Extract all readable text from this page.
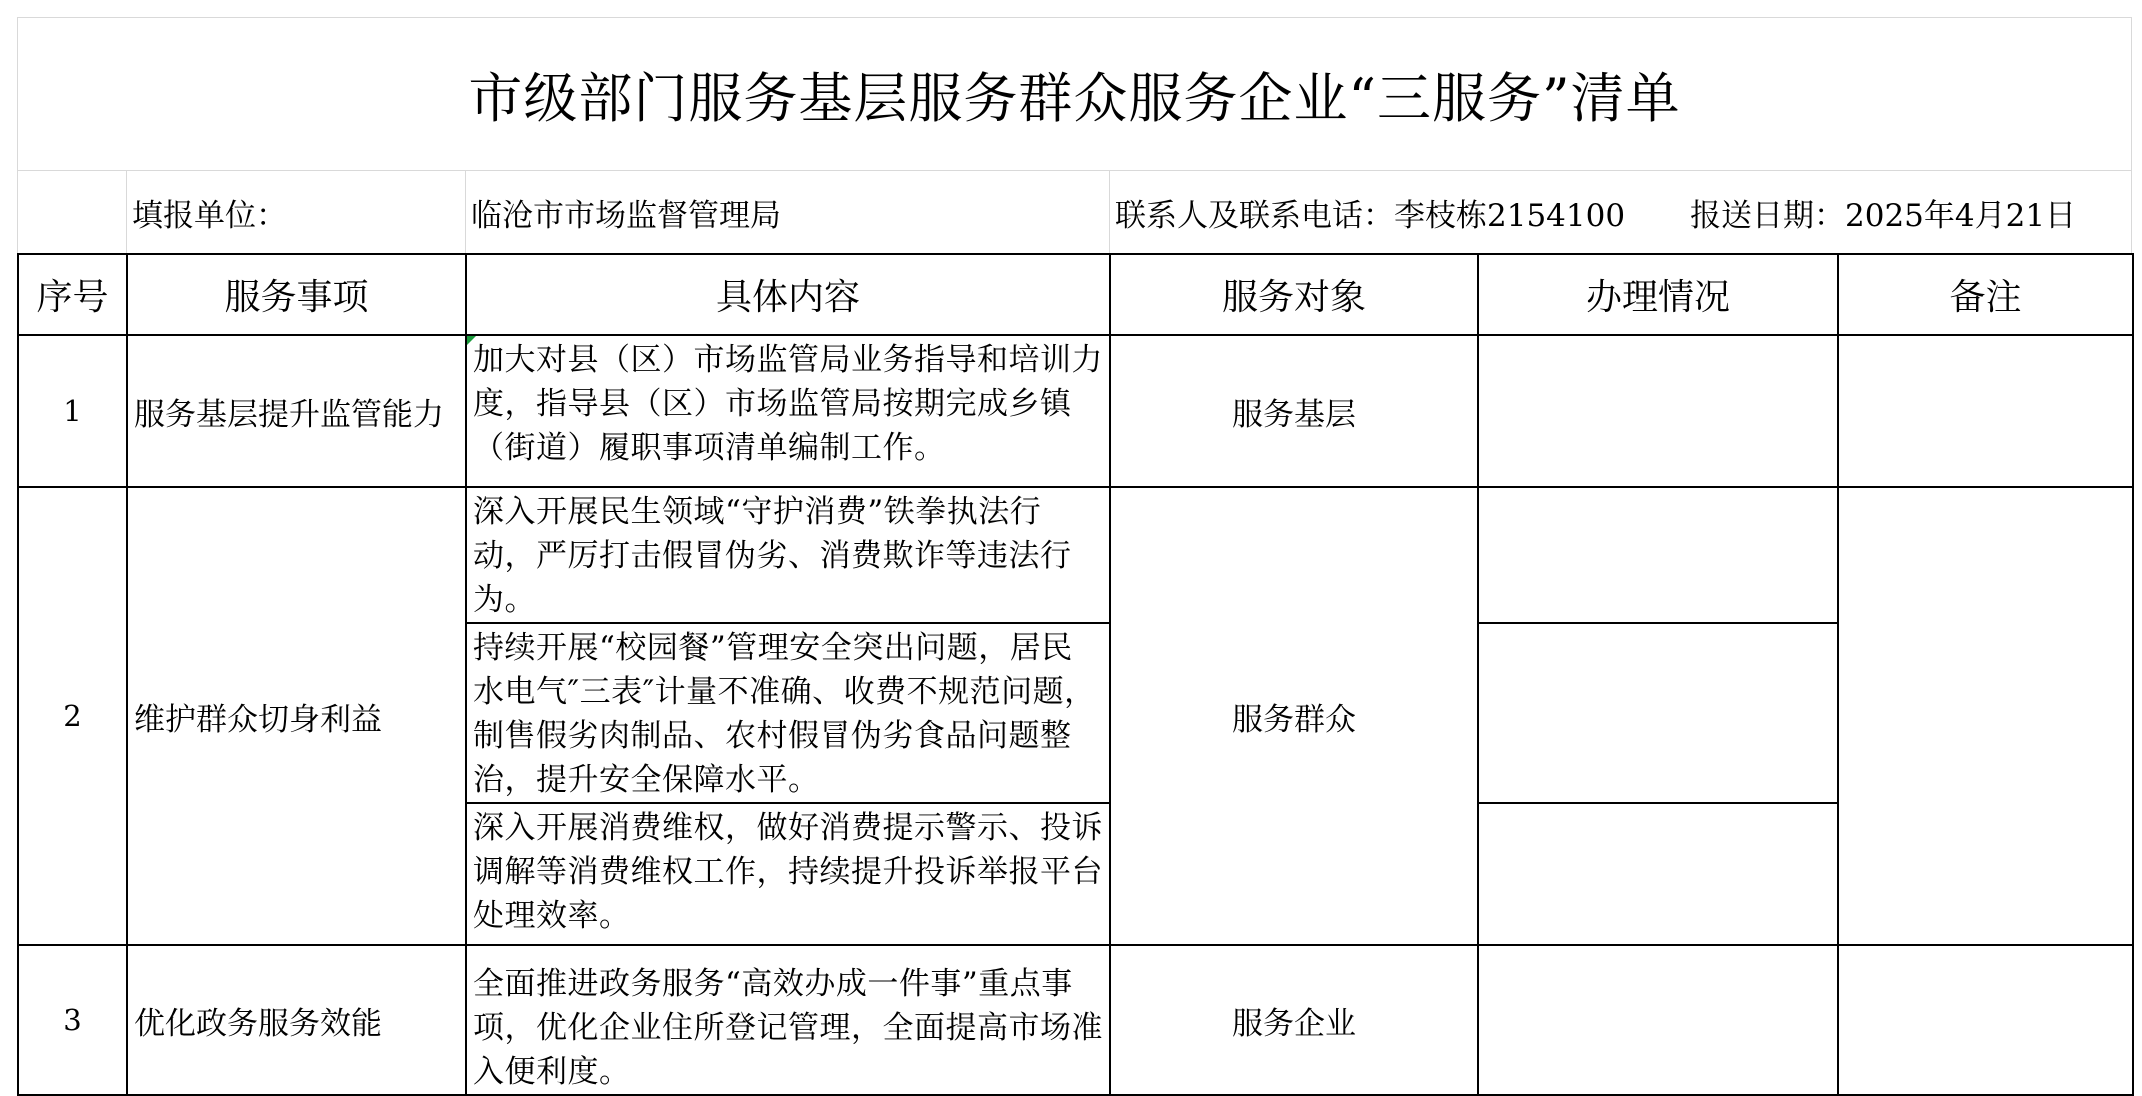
市级部门服务基层服务群众服务企业“三服务”清单
填报单位：	临沧市市场监督管理局	联系人及联系电话：李枝栋2154100 报送日期：2025年4月21日
序号	服务事项	具体内容	服务对象	办理情况	备注
1	服务基层提升监管能力	加大对县（区）市场监管局业务指导和培训力度，指导县（区）市场监管局按期完成乡镇（街道）履职事项清单编制工作。	服务基层		
2	维护群众切身利益	深入开展民生领域“守护消费”铁拳执法行动，严厉打击假冒伪劣、消费欺诈等违法行为。	服务群众		
		持续开展“校园餐”管理安全突出问题，居民水电气″三表″计量不准确、收费不规范问题，制售假劣肉制品、农村假冒伪劣食品问题整治，提升安全保障水平。			
		深入开展消费维权，做好消费提示警示、投诉调解等消费维权工作，持续提升投诉举报平台处理效率。			
3	优化政务服务效能	全面推进政务服务“高效办成一件事”重点事项，优化企业住所登记管理，全面提高市场准入便利度。	服务企业		
